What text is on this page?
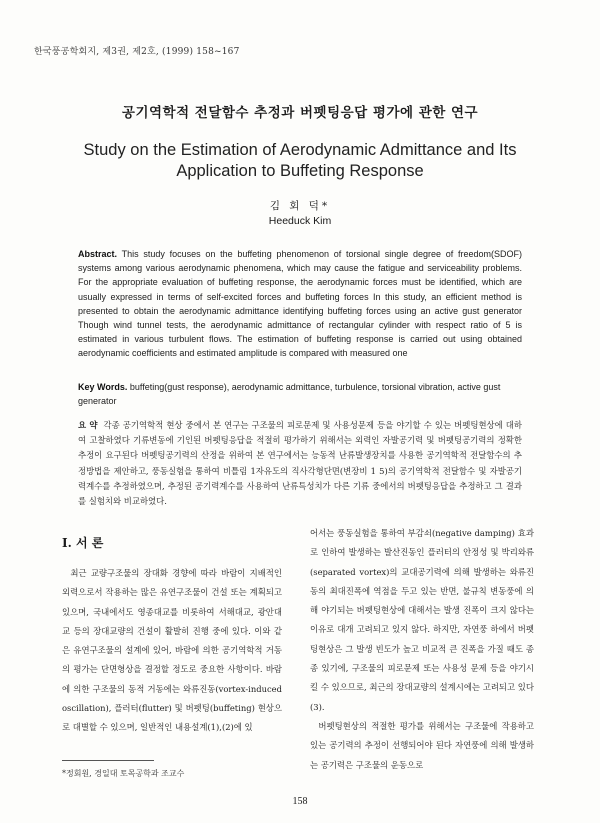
한국풍공학회지, 제3권, 제2호, (1999) 158~167
공기역학적 전달함수 추정과 버펫팅응답 평가에 관한 연구
Study on the Estimation of Aerodynamic Admittance and Its Application to Buffeting Response
김 회 덕*
Heeduck Kim
Abstract. This study focuses on the buffeting phenomenon of torsional single degree of freedom(SDOF) systems among various aerodynamic phenomena, which may cause the fatigue and serviceability problems. For the appropriate evaluation of buffeting response, the aerodynamic forces must be identified, which are usually expressed in terms of self-excited forces and buffeting forces In this study, an efficient method is presented to obtain the aerodynamic admittance identifying buffeting forces using an active gust generator Though wind tunnel tests, the aerodynamic admittance of rectangular cylinder with respect ratio of 5 is estimated in various turbulent flows. The estimation of buffeting response is carried out using obtained aerodynamic coefficients and estimated amplitude is compared with measured one
Key Words. buffeting(gust response), aerodynamic admittance, turbulence, torsional vibration, active gust generator
요 약 각종 공기역학적 현상 중에서 본 연구는 구조물의 피로문제 및 사용성문제 등을 야기할 수 있는 버펫팅현상에 대하여 고찰하였다 기류변동에 기인된 버펫팅응답을 적절히 평가하기 위해서는 외력인 자발공기력 및 버펫팅공기력의 정확한 추정이 요구된다 버펫팅공기력의 산정을 위하여 본 연구에서는 능동적 난류발생장치를 사용한 공기역학적 전달함수의 추정방법을 제안하고, 풍동실험을 통하여 비틀림 1자유도의 직사각형단면(변장비 1 5)의 공기역학적 전달함수 및 자발공기력계수를 추정하였으며, 추정된 공기력계수를 사용하여 난류특성치가 다른 기류 중에서의 버펫팅응답을 추정하고 그 결과를 실험치와 비교하였다.
I. 서 론

최근 교량구조물의 장대화 경향에 따라 바람이 지배적인 외력으로서 작용하는 많은 유연구조물이 건설 또는 계획되고 있으며, 국내에서도 영종대교를 비롯하여 서해대교, 광안대교 등의 장대교량의 건설이 활발히 진행 중에 있다. 이와 같은 유연구조물의 설계에 있어, 바람에 의한 공기역학적 거동의 평가는 단면형상을 결정할 정도로 중요한 사항이다. 바람에 의한 구조물의 동적 거동에는 와류진동(vortex-induced oscillation), 플러터(flutter) 및 버펫팅(buffeting) 현상으로 대별할 수 있으며, 일반적인 내용설계(1),(2)에 있

어서는 풍동실험을 통하여 부감쇠(negative damping) 효과로 인하여 발생하는 발산진동인 플러터의 안정성 및 박리와류(separated vortex)의 교대공기력에 의해 발생하는 와류진동의 최대진폭에 역점을 두고 있는 반면, 불규칙 변동풍에 의해 야기되는 버펫팅현상에 대해서는 발생 진폭이 크지 않다는 이유로 대개 고려되고 있지 않다. 하지만, 자연풍 하에서 버펫팅현상은 그 발생 빈도가 높고 비교적 큰 진폭을 가질 때도 종종 있기에, 구조물의 피로문제 또는 사용성 문제 등을 야기시킬 수 있으므로, 최근의 장대교량의 설계시에는 고려되고 있다(3).

버펫팅현상의 적절한 평가를 위해서는 구조물에 작용하고 있는 공기력의 추정이 선행되어야 된다 자연풍에 의해 발생하는 공기력은 구조물의 운동으로

*정회원, 경일대 토목공학과 조교수
158
